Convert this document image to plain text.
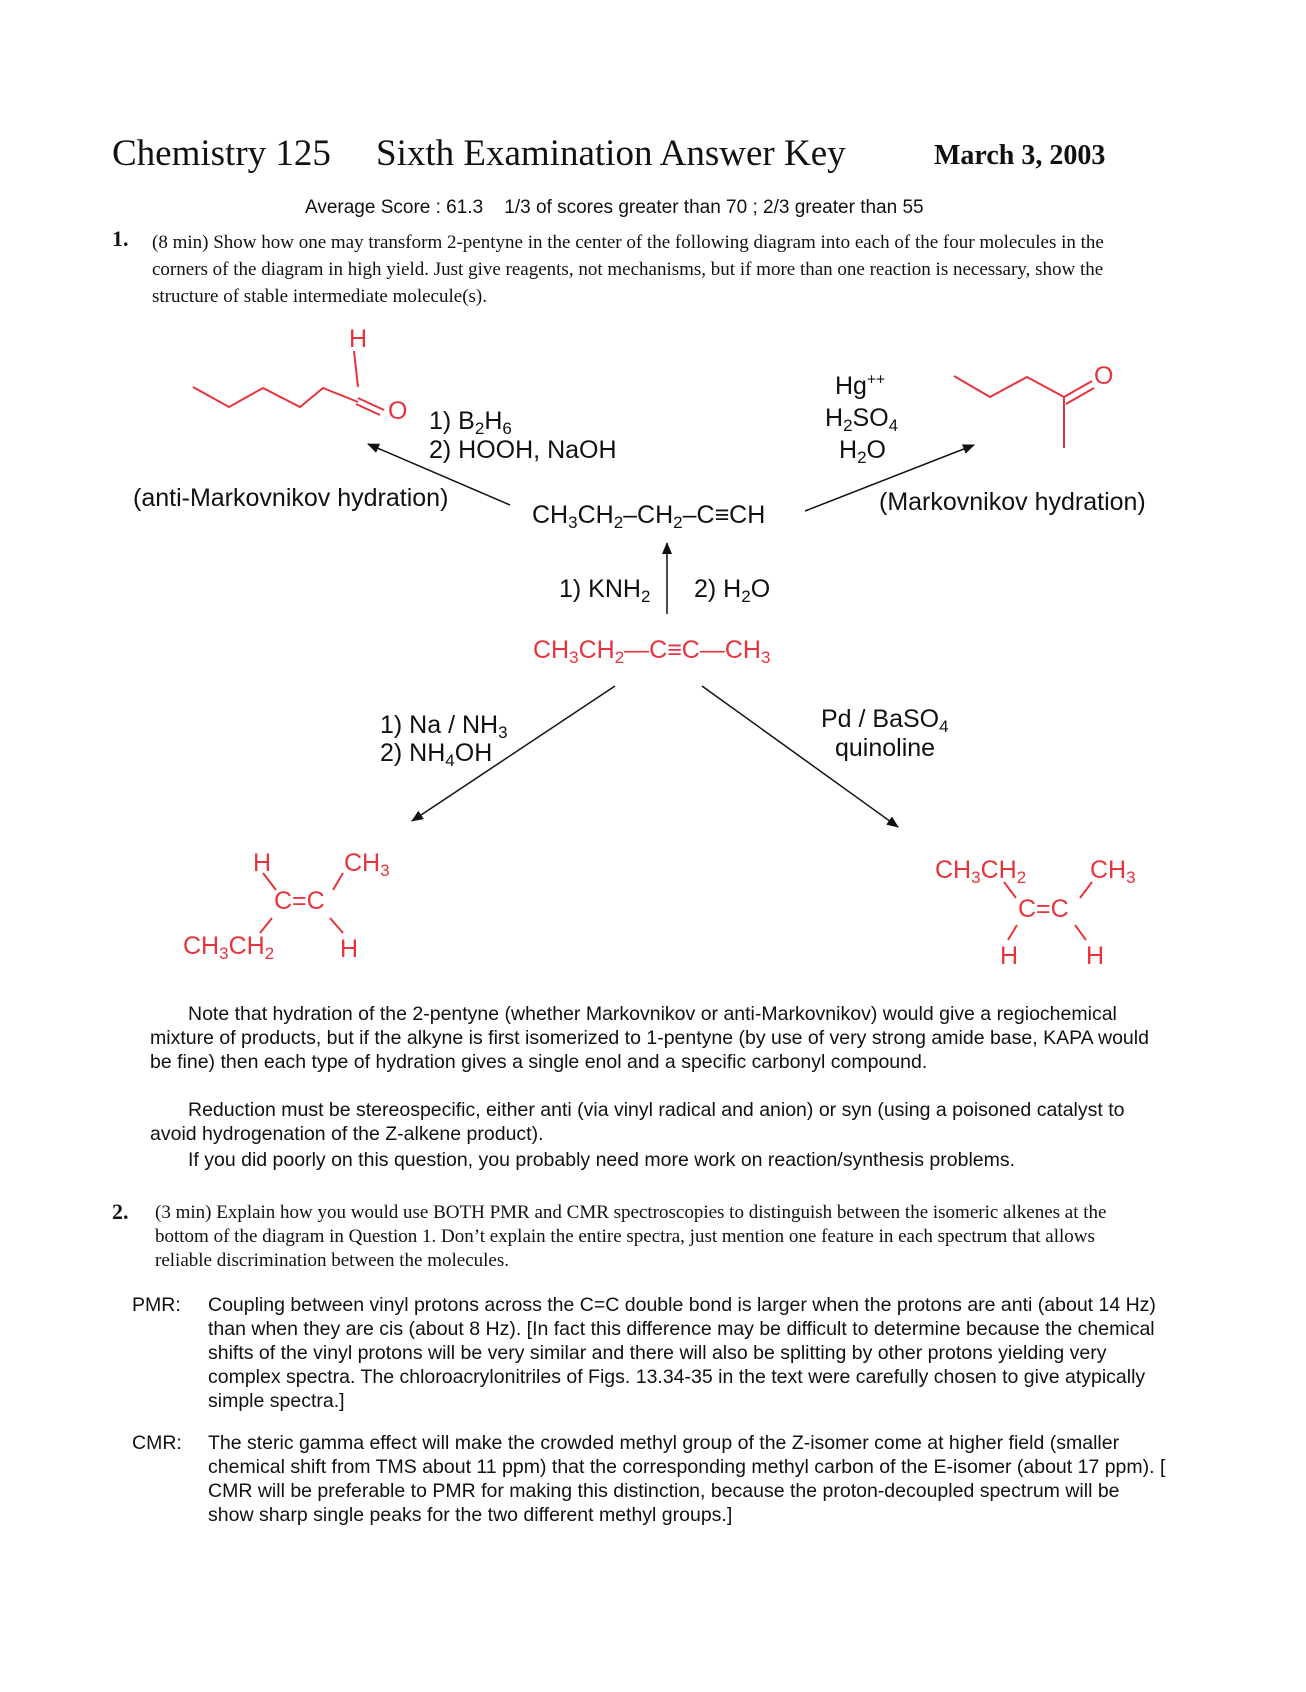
Chemistry 125 Sixth Examination Answer Key	March 3, 2003
Average Score : 61.3    1/3 of scores greater than 70 ; 2/3 greater than 55
1. (8 min) Show how one may transform 2-pentyne in the center of the following diagram into each of the four molecules in the corners of the diagram in high yield. Just give reagents, not mechanisms, but if more than one reaction is necessary, show the structure of stable intermediate molecule(s).
H
O
O
1) $B_2H_6$
2) HOOH, NaOH
(anti-Markovnikov hydration)
Hg++
$H_2SO_4$
$H_2O$
(Markovnikov hydration)
$CH_3CH_2-CH_2-C\equiv CH$
1) $KNH_2$ 2) $H_2O$
$CH_3CH_2—C\equiv C—CH_3$
1) Na / $NH_3$
2) $NH_4OH$
Pd / BaSO$_4$
quinoline
H	$CH_3$
C=C
$CH_3CH_2$	H
$CH_3CH_2$	$CH_3$
C=C
H	H
Note that hydration of the 2-pentyne (whether Markovnikov or anti-Markovnikov) would give a regiochemical mixture of products, but if the alkyne is first isomerized to 1-pentyne (by use of very strong amide base, KAPA would be fine) then each type of hydration gives a single enol and a specific carbonyl compound.
Reduction must be stereospecific, either anti (via vinyl radical and anion) or syn (using a poisoned catalyst to avoid hydrogenation of the Z-alkene product).
If you did poorly on this question, you probably need more work on reaction/synthesis problems.
2. (3 min) Explain how you would use BOTH PMR and CMR spectroscopies to distinguish between the isomeric alkenes at the bottom of the diagram in Question 1. Don’t explain the entire spectra, just mention one feature in each spectrum that allows reliable discrimination between the molecules.
PMR: Coupling between vinyl protons across the C=C double bond is larger when the protons are anti (about 14 Hz) than when they are cis (about 8 Hz). [In fact this difference may be difficult to determine because the chemical shifts of the vinyl protons will be very similar and there will also be splitting by other protons yielding very complex spectra. The chloroacrylonitriles of Figs. 13.34-35 in the text were carefully chosen to give atypically simple spectra.]
CMR: The steric gamma effect will make the crowded methyl group of the Z-isomer come at higher field (smaller chemical shift from TMS about 11 ppm) that the corresponding methyl carbon of the E-isomer (about 17 ppm). [ CMR will be preferable to PMR for making this distinction, because the proton-decoupled spectrum will be show sharp single peaks for the two different methyl groups.]
